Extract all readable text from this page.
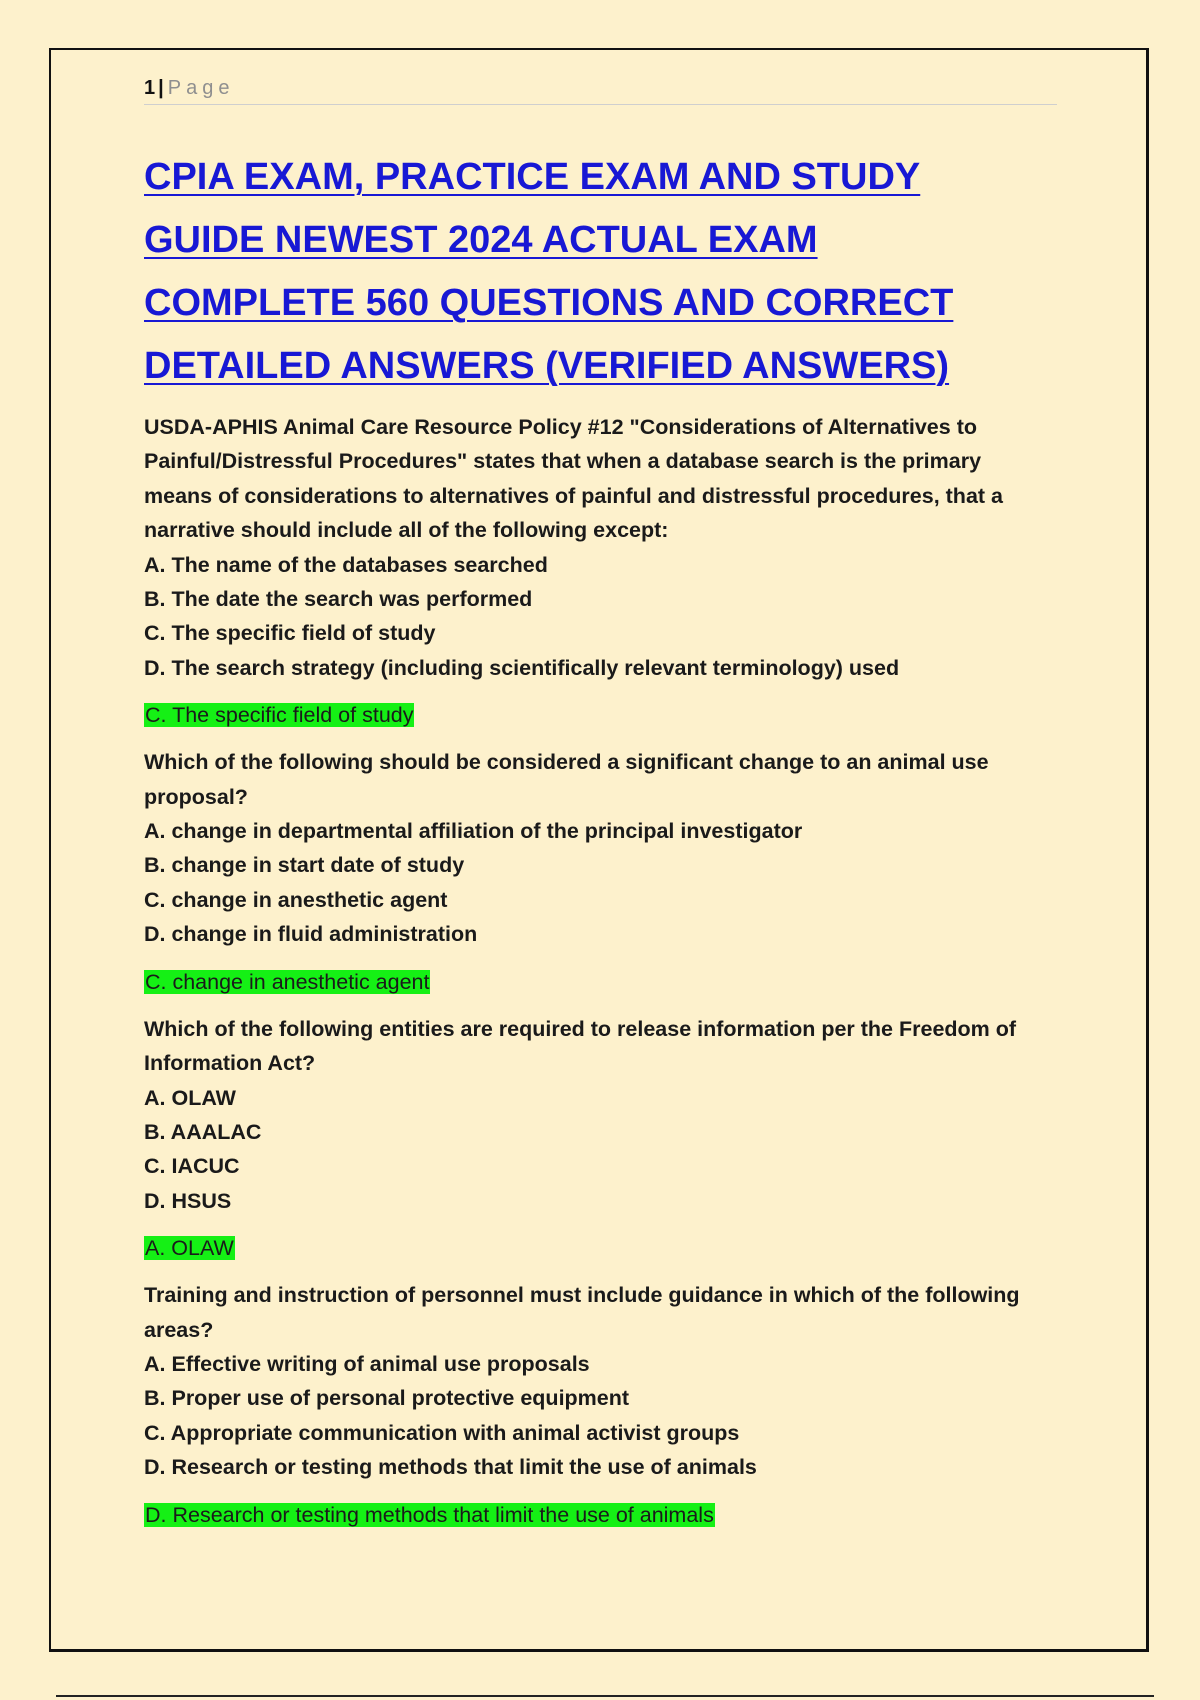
1 | Page
CPIA EXAM, PRACTICE EXAM AND STUDY
GUIDE NEWEST 2024 ACTUAL EXAM
COMPLETE 560 QUESTIONS AND CORRECT
DETAILED ANSWERS (VERIFIED ANSWERS)
USDA-APHIS Animal Care Resource Policy #12 "Considerations of Alternatives to
Painful/Distressful Procedures" states that when a database search is the primary
means of considerations to alternatives of painful and distressful procedures, that a
narrative should include all of the following except:
A. The name of the databases searched
B. The date the search was performed
C. The specific field of study
D. The search strategy (including scientifically relevant terminology) used
C. The specific field of study
Which of the following should be considered a significant change to an animal use
proposal?
A. change in departmental affiliation of the principal investigator
B. change in start date of study
C. change in anesthetic agent
D. change in fluid administration
C. change in anesthetic agent
Which of the following entities are required to release information per the Freedom of
Information Act?
A. OLAW
B. AAALAC
C. IACUC
D. HSUS
A. OLAW
Training and instruction of personnel must include guidance in which of the following
areas?
A. Effective writing of animal use proposals
B. Proper use of personal protective equipment
C. Appropriate communication with animal activist groups
D. Research or testing methods that limit the use of animals
D. Research or testing methods that limit the use of animals
